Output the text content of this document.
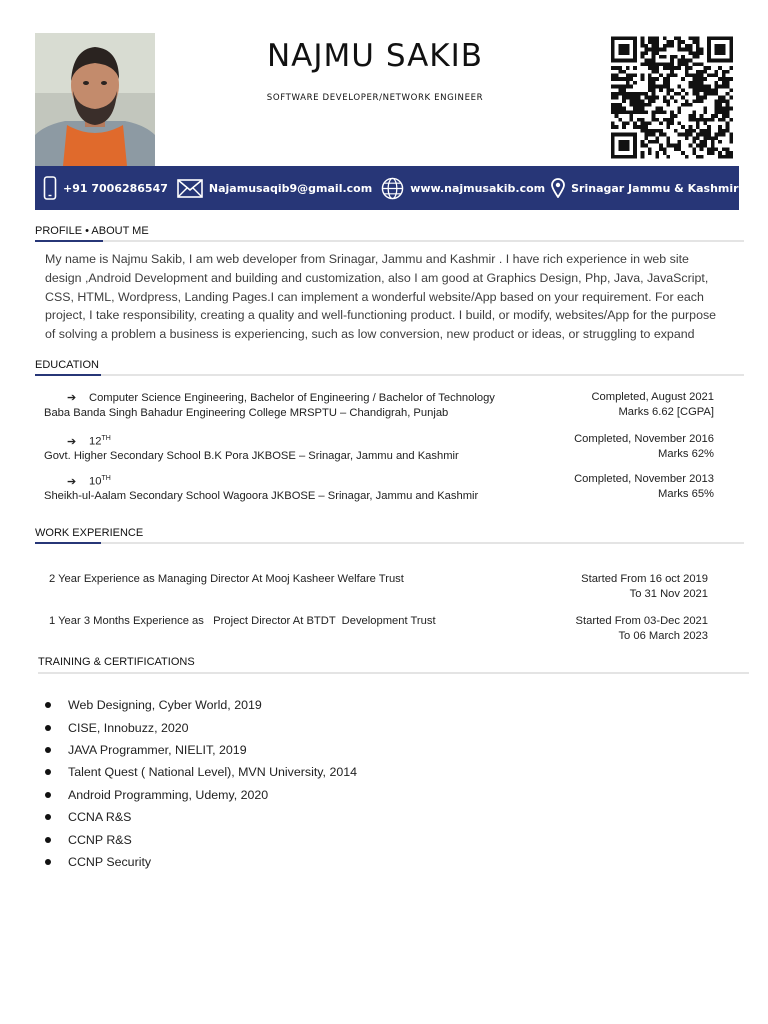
NAJMU SAKIB
SOFTWARE DEVELOPER/NETWORK ENGINEER
+91 7006286547	Najamusaqib9@gmail.com	www.najmusakib.com Srinagar Jammu & Kashmir
PROFILE • ABOUT ME
My name is Najmu Sakib, I am web developer from Srinagar, Jammu and Kashmir . I have rich experience in web site
design ,Android Development and building and customization, also I am good at Graphics Design, Php, Java, JavaScript,
CSS, HTML, Wordpress, Landing Pages.I can implement a wonderful website/App based on your requirement. For each
project, I take responsibility, creating a quality and well-functioning product. I build, or modify, websites/App for the purpose
of solving a problem a business is experiencing, such as low conversion, new product or ideas, or struggling to expand
EDUCATION
➔ Computer Science Engineering, Bachelor of Engineering / Bachelor of Technology
Baba Banda Singh Bahadur Engineering College MRSPTU – Chandigrah, Punjab
Completed, August 2021
Marks 6.62 [CGPA]
➔ 12TH
Govt. Higher Secondary School B.K Pora JKBOSE – Srinagar, Jammu and Kashmir
Completed, November 2016
Marks 62%
➔ 10TH
Sheikh-ul-Aalam Secondary School Wagoora JKBOSE – Srinagar, Jammu and Kashmir
Completed, November 2013
Marks 65%
WORK EXPERIENCE
2 Year Experience as Managing Director At Mooj Kasheer Welfare Trust	Started From 16 oct 2019
To 31 Nov 2021
1 Year 3 Months Experience as   Project Director At BTDT  Development Trust	Started From 03-Dec 2021
To 06 March 2023
TRAINING & CERTIFICATIONS
Web Designing, Cyber World, 2019
CISE, Innobuzz, 2020
JAVA Programmer, NIELIT, 2019
Talent Quest ( National Level), MVN University, 2014
Android Programming, Udemy, 2020
CCNA R&S
CCNP R&S
CCNP Security
